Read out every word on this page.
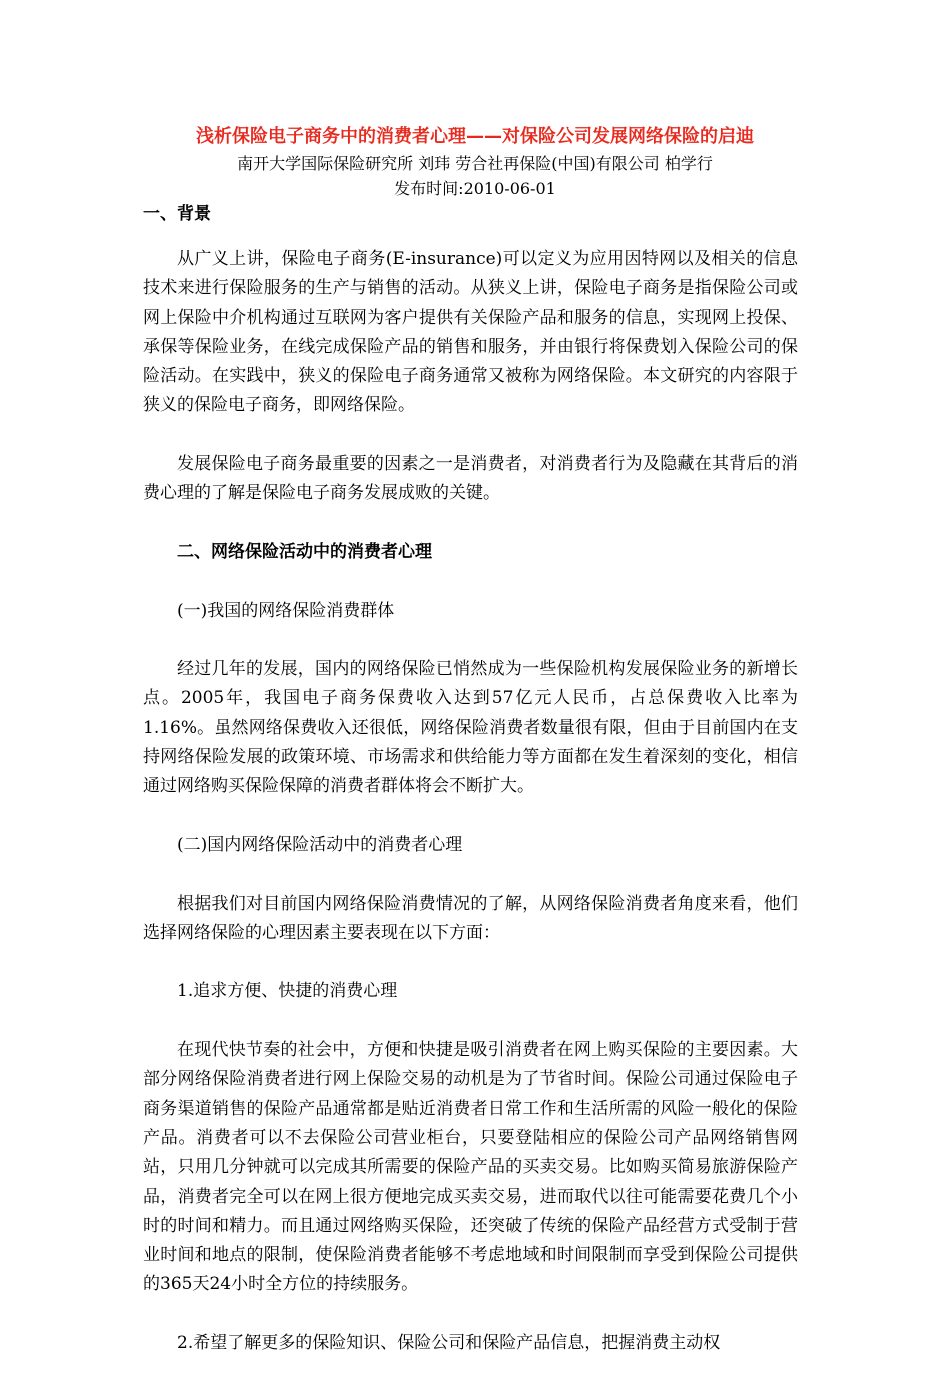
浅析保险电子商务中的消费者心理——对保险公司发展网络保险的启迪
南开大学国际保险研究所 刘玮 劳合社再保险(中国)有限公司 柏学行
发布时间:2010-06-01
一、背景

从广义上讲，保险电子商务(E-insurance)可以定义为应用因特网以及相关的信息技术来进行保险服务的生产与销售的活动。从狭义上讲，保险电子商务是指保险公司或网上保险中介机构通过互联网为客户提供有关保险产品和服务的信息，实现网上投保、承保等保险业务，在线完成保险产品的销售和服务，并由银行将保费划入保险公司的保险活动。在实践中，狭义的保险电子商务通常又被称为网络保险。本文研究的内容限于狭义的保险电子商务，即网络保险。

发展保险电子商务最重要的因素之一是消费者，对消费者行为及隐藏在其背后的消费心理的了解是保险电子商务发展成败的关键。

二、网络保险活动中的消费者心理

(一)我国的网络保险消费群体

经过几年的发展，国内的网络保险已悄然成为一些保险机构发展保险业务的新增长点。2005年，我国电子商务保费收入达到57亿元人民币，占总保费收入比率为1.16%。虽然网络保费收入还很低，网络保险消费者数量很有限，但由于目前国内在支持网络保险发展的政策环境、市场需求和供给能力等方面都在发生着深刻的变化，相信通过网络购买保险保障的消费者群体将会不断扩大。

(二)国内网络保险活动中的消费者心理

根据我们对目前国内网络保险消费情况的了解，从网络保险消费者角度来看，他们选择网络保险的心理因素主要表现在以下方面：

1.追求方便、快捷的消费心理

在现代快节奏的社会中，方便和快捷是吸引消费者在网上购买保险的主要因素。大部分网络保险消费者进行网上保险交易的动机是为了节省时间。保险公司通过保险电子商务渠道销售的保险产品通常都是贴近消费者日常工作和生活所需的风险一般化的保险产品。消费者可以不去保险公司营业柜台，只要登陆相应的保险公司产品网络销售网站，只用几分钟就可以完成其所需要的保险产品的买卖交易。比如购买简易旅游保险产品，消费者完全可以在网上很方便地完成买卖交易，进而取代以往可能需要花费几个小时的时间和精力。而且通过网络购买保险，还突破了传统的保险产品经营方式受制于营业时间和地点的限制，使保险消费者能够不考虑地域和时间限制而享受到保险公司提供的365天24小时全方位的持续服务。

2.希望了解更多的保险知识、保险公司和保险产品信息，把握消费主动权
